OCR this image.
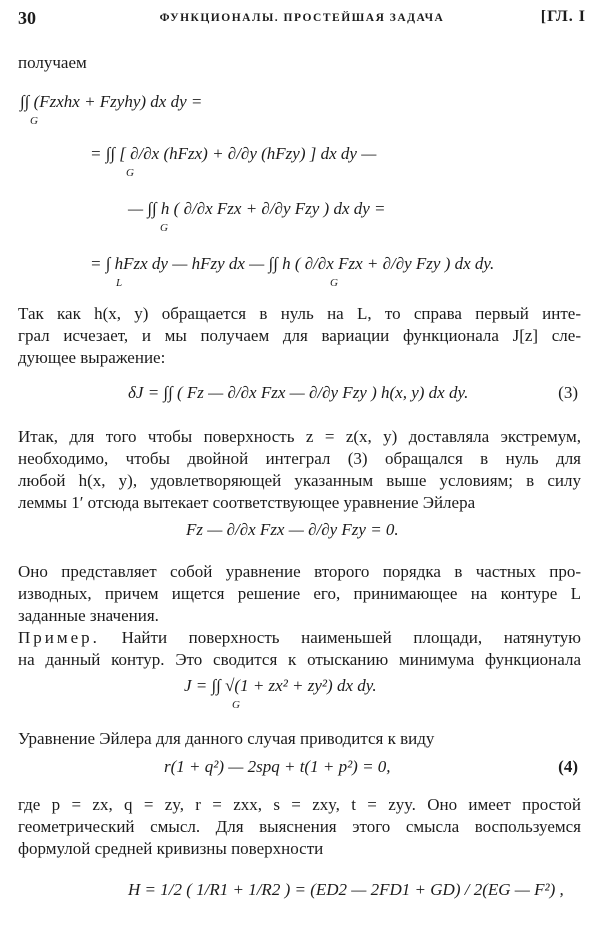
30	ФУНКЦИОНАЛЫ. ПРОСТЕЙШАЯ ЗАДАЧА	[ГЛ. I

получаем

∫∫ (Fzxhx + Fzyhy) dx dy =
G
= ∫∫ [ ∂/∂x (hFzx) + ∂/∂y (hFzy) ] dx dy —
G
— ∫∫ h ( ∂/∂x Fzx + ∂/∂y Fzy ) dx dy =
G
= ∫ hFzx dy — hFzy dx — ∫∫ h ( ∂/∂x Fzx + ∂/∂y Fzy ) dx dy.
L	G

Так как h(x, y) обращается в нуль на L, то справа первый инте-

грал исчезает, и мы получаем для вариации функционала J[z] сле-

дующее выражение:

δJ = ∫∫ ( Fz — ∂/∂x Fzx — ∂/∂y Fzy ) h(x, y) dx dy.	(3)

Итак, для того чтобы поверхность z = z(x, y) доставляла экстремум,

необходимо, чтобы двойной интеграл (3) обращался в нуль для

любой h(x, y), удовлетворяющей указанным выше условиям; в силу

леммы 1′ отсюда вытекает соответствующее уравнение Эйлера

Fz — ∂/∂x Fzx — ∂/∂y Fzy = 0.

Оно представляет собой уравнение второго порядка в частных про-

изводных, причем ищется решение его, принимающее на контуре L

заданные значения.

Пример. Найти поверхность наименьшей площади, натянутую

на данный контур. Это сводится к отысканию минимума функционала

J = ∫∫ √(1 + zx² + zy²) dx dy.
G

Уравнение Эйлера для данного случая приводится к виду

r(1 + q²) — 2spq + t(1 + p²) = 0,	(4)

где p = zx, q = zy, r = zxx, s = zxy, t = zyy. Оно имеет простой

геометрический смысл. Для выяснения этого смысла воспользуемся

формулой средней кривизны поверхности

H = 1/2 ( 1/R1 + 1/R2 ) = (ED2 — 2FD1 + GD) / 2(EG — F²) ,
